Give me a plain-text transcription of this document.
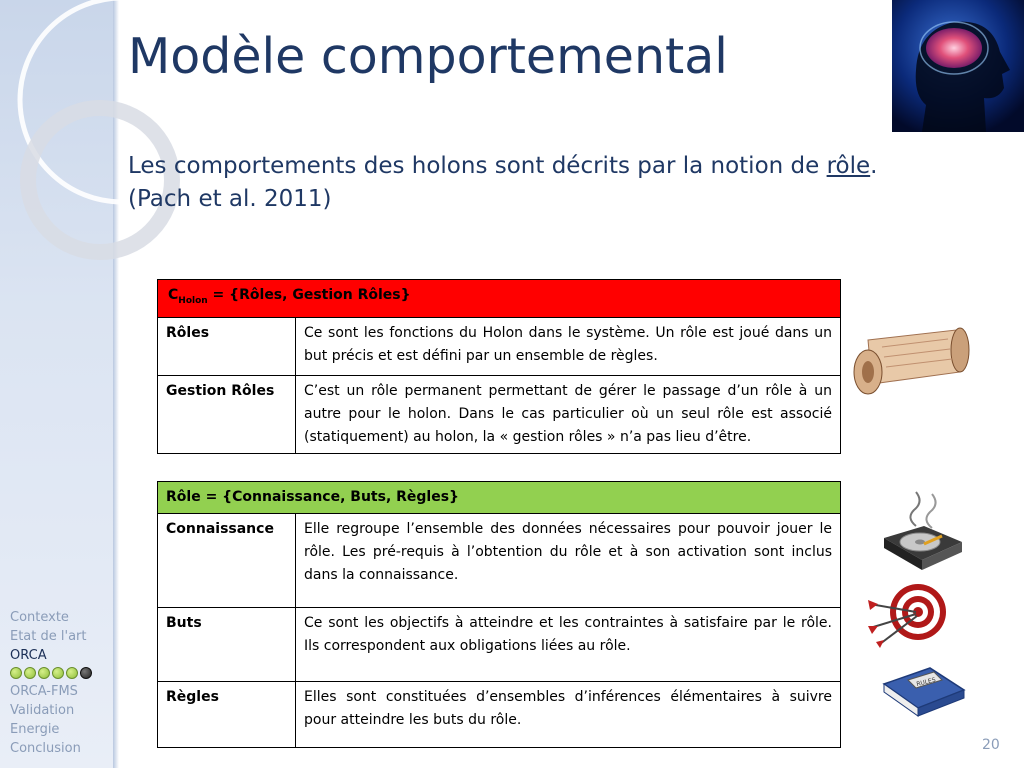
Contexte
Etat de l'art
ORCA
ORCA-FMS
Validation
Energie
Conclusion
Modèle comportemental
Les comportements des holons sont décrits par la notion de rôle.
(Pach et al. 2011)
$C_{Holon}$ = {Rôles, Gestion Rôles}	
Rôles	Ce sont les fonctions du Holon dans le système. Un rôle est joué dans un but précis et est défini par un ensemble de règles.
Gestion Rôles	C’est un rôle permanent permettant de gérer le passage d’un rôle à un autre pour le holon. Dans le cas particulier où un seul rôle est associé (statiquement) au holon, la « gestion rôles » n’a pas lieu d’être.
Rôle = {Connaissance, Buts, Règles}	
Connaissance	Elle regroupe l’ensemble des données nécessaires pour pouvoir jouer le rôle. Les pré-requis à l’obtention du rôle et à son activation sont inclus dans la connaissance.
Buts	Ce sont les objectifs à atteindre et les contraintes à satisfaire par le rôle. Ils correspondent aux obligations liées au rôle.
Règles	Elles sont constituées d’ensembles d’inférences élémentaires à suivre pour atteindre les buts du rôle.
RULES
20
